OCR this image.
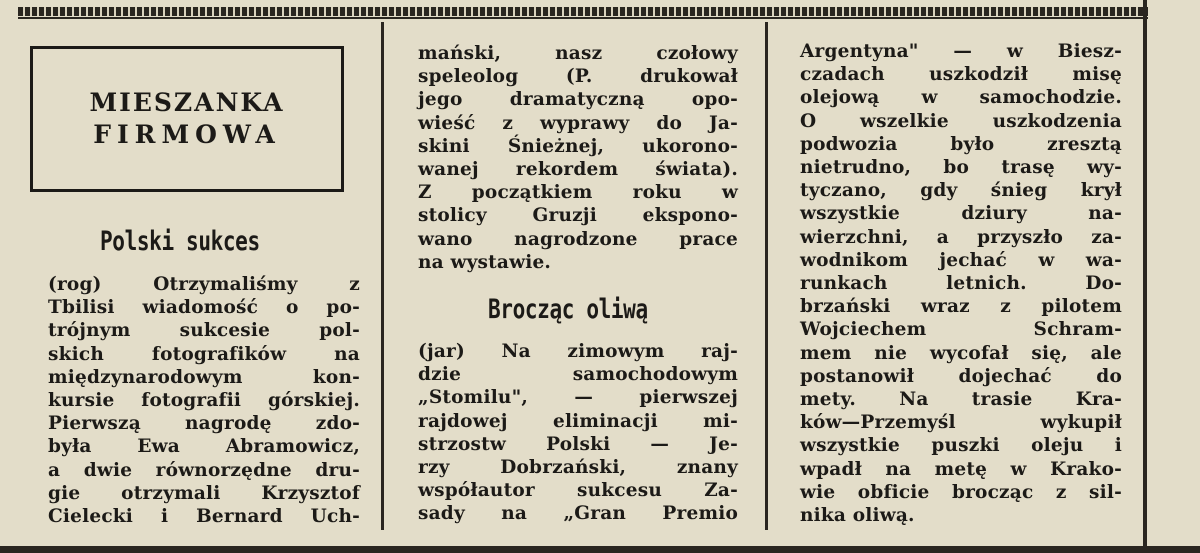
MIESZANKA
FIRMOWA
Polski sukces

(rog) Otrzymaliśmy z

Tbilisi wiadomość o po-

trójnym sukcesie pol-

skich fotografików na

międzynarodowym kon-

kursie fotografii górskiej.

Pierwszą nagrodę zdo-

była Ewa Abramowicz,

a dwie równorzędne dru-

gie otrzymali Krzysztof

Cielecki i Bernard Uch-

mański, nasz czołowy

speleolog (P. drukował

jego dramatyczną opo-

wieść z wyprawy do Ja-

skini Śnieżnej, ukorono-

wanej rekordem świata).

Z początkiem roku w

stolicy Gruzji ekspono-

wano nagrodzone prace

na wystawie.

Brocząc oliwą

(jar) Na zimowym raj-

dzie samochodowym

„Stomilu", — pierwszej

rajdowej eliminacji mi-

strzostw Polski — Je-

rzy Dobrzański, znany

współautor sukcesu Za-

sady na „Gran Premio

Argentyna" — w Biesz-

czadach uszkodził misę

olejową w samochodzie.

O wszelkie uszkodzenia

podwozia było zresztą

nietrudno, bo trasę wy-

tyczano, gdy śnieg krył

wszystkie dziury na-

wierzchni, a przyszło za-

wodnikom jechać w wa-

runkach letnich. Do-

brzański wraz z pilotem

Wojciechem Schram-

mem nie wycofał się, ale

postanowił dojechać do

mety. Na trasie Kra-

ków—Przemyśl wykupił

wszystkie puszki oleju i

wpadł na metę w Krako-

wie obficie brocząc z sil-

nika oliwą.
